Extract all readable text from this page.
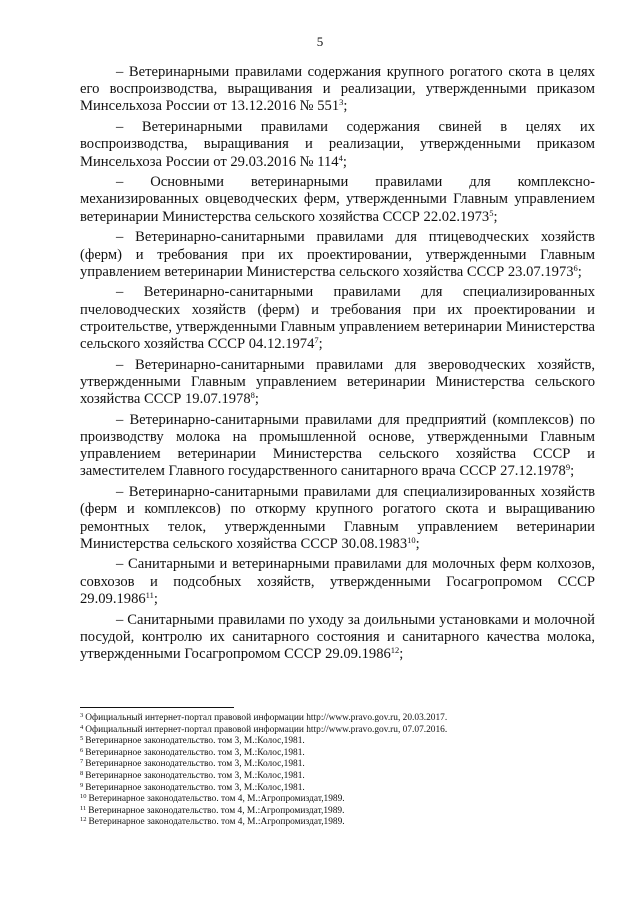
5

– Ветеринарными правилами содержания крупного рогатого скота в целях его воспроизводства, выращивания и реализации, утвержденными приказом Минсельхоза России от 13.12.2016 № 551$^3$;

– Ветеринарными правилами содержания свиней в целях их воспроизводства, выращивания и реализации, утвержденными приказом Минсельхоза России от 29.03.2016 № 114$^4$;

– Основными ветеринарными правилами для комплексно-механизированных овцеводческих ферм, утвержденными Главным управлением ветеринарии Министерства сельского хозяйства СССР 22.02.1973$^5$;

– Ветеринарно-санитарными правилами для птицеводческих хозяйств (ферм) и требования при их проектировании, утвержденными Главным управлением ветеринарии Министерства сельского хозяйства СССР 23.07.1973$^6$;

– Ветеринарно-санитарными правилами для специализированных пчеловодческих хозяйств (ферм) и требования при их проектировании и строительстве, утвержденными Главным управлением ветеринарии Министерства сельского хозяйства СССР 04.12.1974$^7$;

– Ветеринарно-санитарными правилами для звероводческих хозяйств, утвержденными Главным управлением ветеринарии Министерства сельского хозяйства СССР 19.07.1978$^8$;

– Ветеринарно-санитарными правилами для предприятий (комплексов) по производству молока на промышленной основе, утвержденными Главным управлением ветеринарии Министерства сельского хозяйства СССР и заместителем Главного государственного санитарного врача СССР 27.12.1978$^9$;

– Ветеринарно-санитарными правилами для специализированных хозяйств (ферм и комплексов) по откорму крупного рогатого скота и выращиванию ремонтных телок, утвержденными Главным управлением ветеринарии Министерства сельского хозяйства СССР 30.08.1983$^{10}$;

– Санитарными и ветеринарными правилами для молочных ферм колхозов, совхозов и подсобных хозяйств, утвержденными Госагропромом СССР 29.09.1986$^{11}$;

– Санитарными правилами по уходу за доильными установками и молочной посудой, контролю их санитарного состояния и санитарного качества молока, утвержденными Госагропромом СССР 29.09.1986$^{12}$;

$^3$ Официальный интернет-портал правовой информации http://www.pravo.gov.ru, 20.03.2017.
$^4$ Официальный интернет-портал правовой информации http://www.pravo.gov.ru, 07.07.2016.
$^5$ Ветеринарное законодательство. том 3, М.:Колос,1981.
$^6$ Ветеринарное законодательство. том 3, М.:Колос,1981.
$^7$ Ветеринарное законодательство. том 3, М.:Колос,1981.
$^8$ Ветеринарное законодательство. том 3, М.:Колос,1981.
$^9$ Ветеринарное законодательство. том 3, М.:Колос,1981.
$^{10}$ Ветеринарное законодательство. том 4, М.:Агропромиздат,1989.
$^{11}$ Ветеринарное законодательство. том 4, М.:Агропромиздат,1989.
$^{12}$ Ветеринарное законодательство. том 4, М.:Агропромиздат,1989.
